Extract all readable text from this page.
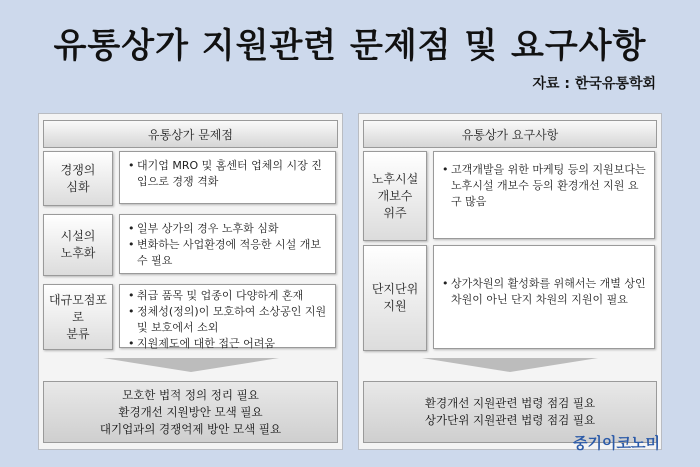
유통상가 지원관련 문제점 및 요구사항
자료 : 한국유통학회
유통상가 문제점
경쟁의
심화
• 대기업 MRO 및 홈센터 업체의 시장 진입으로 경쟁 격화
시설의
노후화
• 일부 상가의 경우 노후화 심화
• 변화하는 사업환경에 적응한 시설 개보수 필요
대규모점포로
분류
• 취급 품목 및 업종이 다양하게 혼재
• 정체성(정의)이 모호하여 소상공인 지원 및 보호에서 소외
• 지원제도에 대한 접근 어려움
모호한 법적 정의 정리 필요
환경개선 지원방안 모색 필요
대기업과의 경쟁억제 방안 모색 필요
유통상가 요구사항
노후시설
개보수
위주
• 고객개발을 위한 마케팅 등의 지원보다는 노후시설 개보수 등의 환경개선 지원 요구 많음
단지단위
지원
• 상가차원의 활성화를 위해서는 개별 상인 차원이 아닌 단지 차원의 지원이 필요
환경개선 지원관련 법령 점검 필요
상가단위 지원관련 법령 점검 필요
중기이코노미
